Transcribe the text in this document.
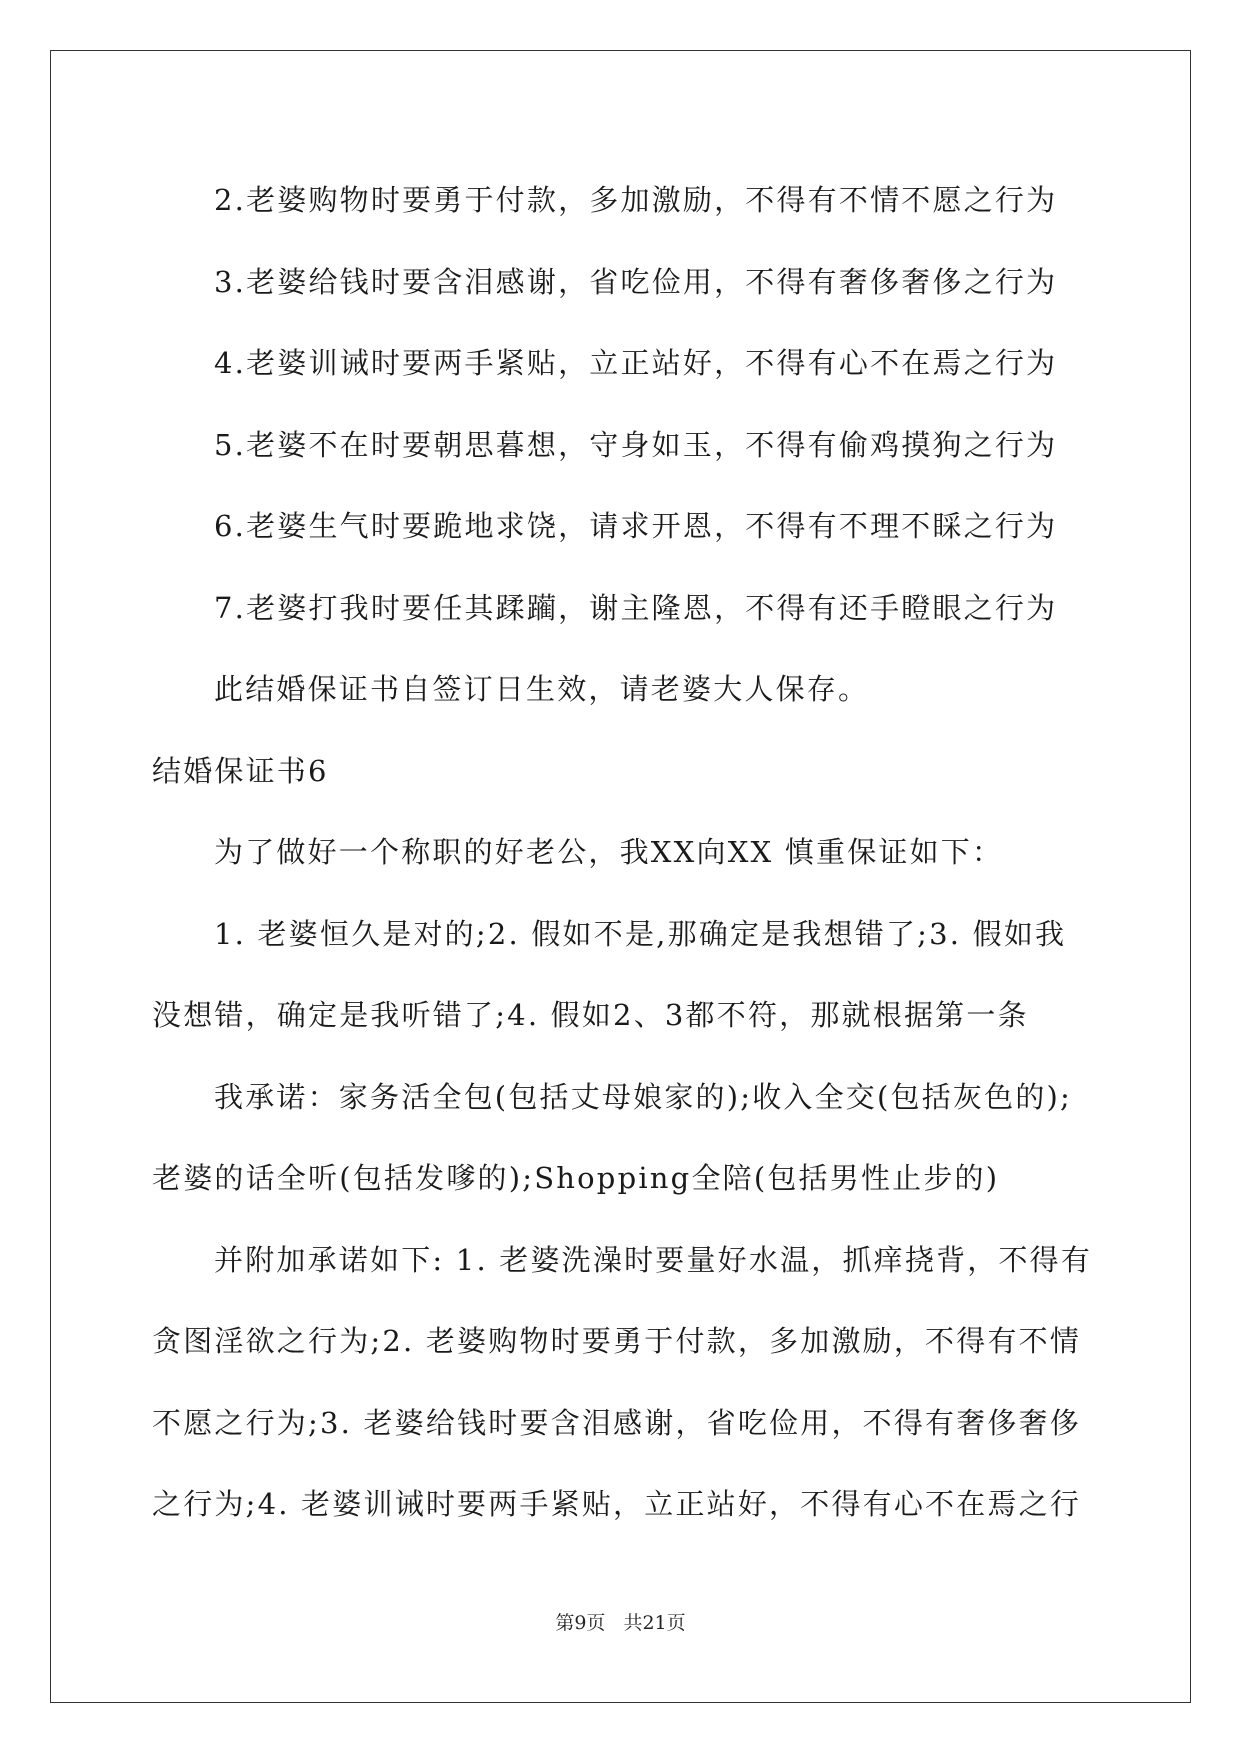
2.老婆购物时要勇于付款，多加激励，不得有不情不愿之行为
3.老婆给钱时要含泪感谢，省吃俭用，不得有奢侈奢侈之行为
4.老婆训诫时要两手紧贴，立正站好，不得有心不在焉之行为
5.老婆不在时要朝思暮想，守身如玉，不得有偷鸡摸狗之行为
6.老婆生气时要跪地求饶，请求开恩，不得有不理不睬之行为
7.老婆打我时要任其蹂躏，谢主隆恩，不得有还手瞪眼之行为
此结婚保证书自签订日生效，请老婆大人保存。
结婚保证书6
为了做好一个称职的好老公，我XX向XX 慎重保证如下：
1. 老婆恒久是对的;2. 假如不是,那确定是我想错了;3. 假如我
没想错，确定是我听错了;4. 假如2、3都不符，那就根据第一条
我承诺：家务活全包(包括丈母娘家的);收入全交(包括灰色的);
老婆的话全听(包括发嗲的);Shopping全陪(包括男性止步的)
并附加承诺如下: 1. 老婆洗澡时要量好水温，抓痒挠背，不得有
贪图淫欲之行为;2. 老婆购物时要勇于付款，多加激励，不得有不情
不愿之行为;3. 老婆给钱时要含泪感谢，省吃俭用，不得有奢侈奢侈
之行为;4. 老婆训诫时要两手紧贴，立正站好，不得有心不在焉之行
第9页 共21页
